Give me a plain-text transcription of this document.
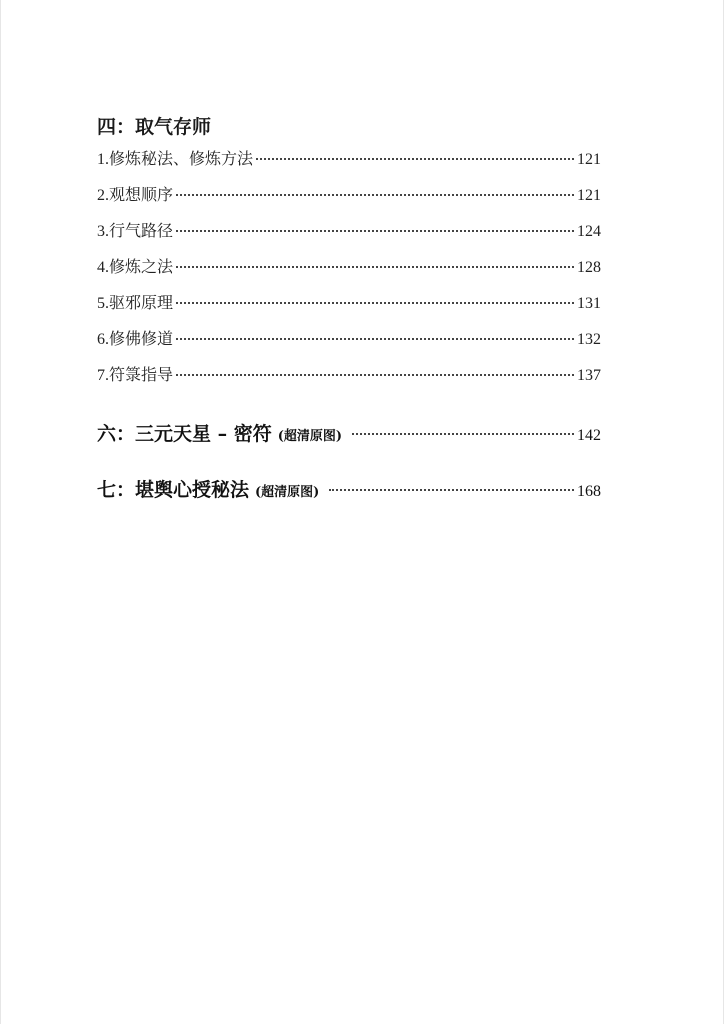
四：取气存师
1.修炼秘法、修炼方法	121
2.观想顺序	121
3.行气路径	124
4.修炼之法	128
5.驱邪原理	131
6.修佛修道	132
7.符箓指导	137
六：三元天星 – 密符 (超清原图)	142
七：堪舆心授秘法 (超清原图)	168
